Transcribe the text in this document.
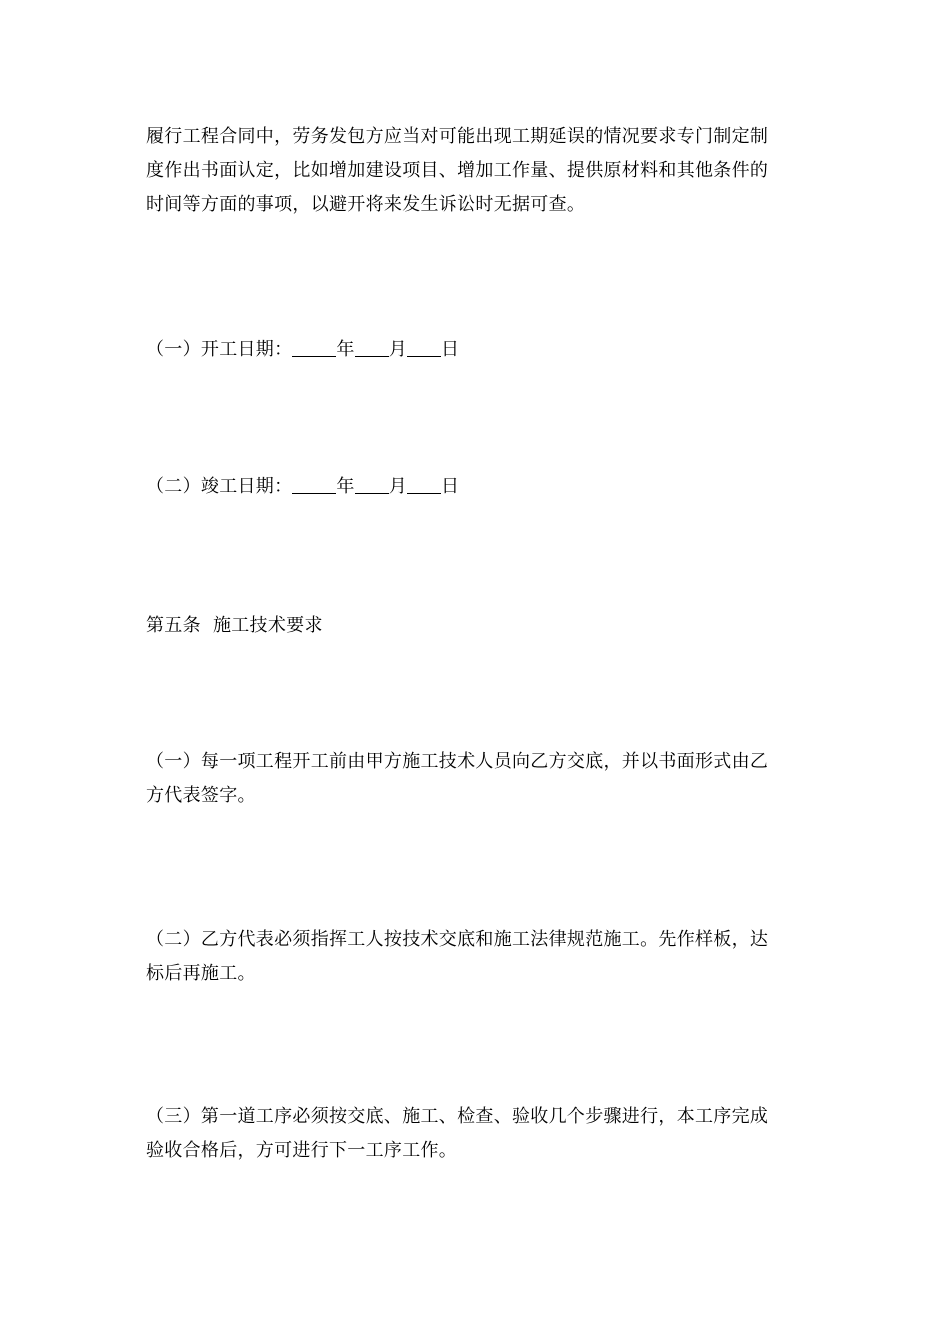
履行工程合同中，劳务发包方应当对可能出现工期延误的情况要求专门制定制
度作出书面认定，比如增加建设项目、增加工作量、提供原材料和其他条件的
时间等方面的事项，以避开将来发生诉讼时无据可查。

（一）开工日期： 年 月 日

（二）竣工日期： 年 月 日

第五条  施工技术要求

（一）每一项工程开工前由甲方施工技术人员向乙方交底，并以书面形式由乙
方代表签字。

（二）乙方代表必须指挥工人按技术交底和施工法律规范施工。先作样板，达
标后再施工。

（三）第一道工序必须按交底、施工、检查、验收几个步骤进行，本工序完成
验收合格后，方可进行下一工序工作。
